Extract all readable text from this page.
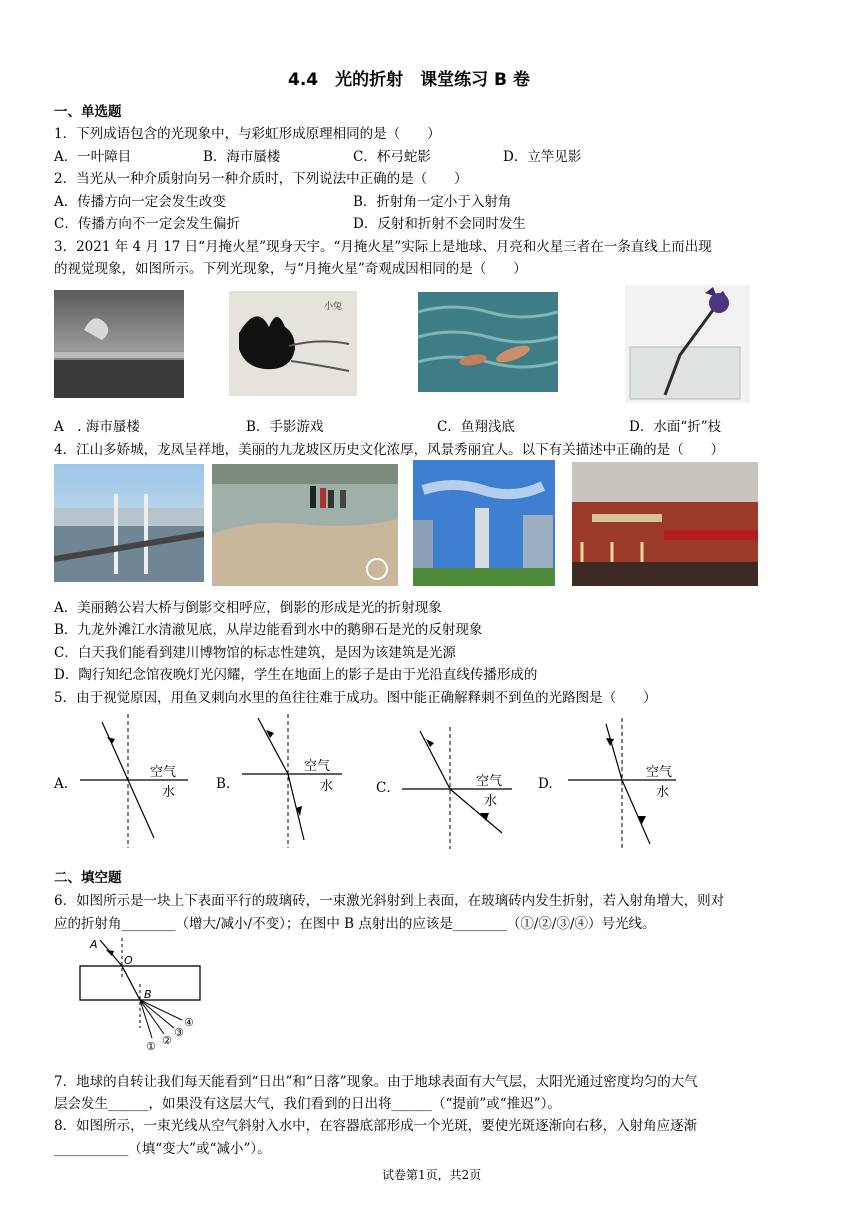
4.4　光的折射　课堂练习 B 卷
一、单选题
1．下列成语包含的光现象中，与彩虹形成原理相同的是（　　）
A．一叶障目	B．海市蜃楼	C．杯弓蛇影	D．立竿见影
2．当光从一种介质射向另一种介质时，下列说法中正确的是（　　）
A．传播方向一定会发生改变	B．折射角一定小于入射角
C．传播方向不一定会发生偏折	D．反射和折射不会同时发生
3．2021 年 4 月 17 日“月掩火星”现身天宇。“月掩火星”实际上是地球、月亮和火星三者在一条直线上而出现
的视觉现象，如图所示。下列光现象，与“月掩火星”奇观成因相同的是（　　）
小兔
A　. 海市蜃楼	B．手影游戏	C．鱼翔浅底	D．水面“折”枝
4．江山多娇城，龙凤呈祥地，美丽的九龙坡区历史文化浓厚，风景秀丽宜人。以下有关描述中正确的是（　　）
A．美丽鹅公岩大桥与倒影交相呼应，倒影的形成是光的折射现象
B．九龙外滩江水清澈见底，从岸边能看到水中的鹅卵石是光的反射现象
C．白天我们能看到建川博物馆的标志性建筑，是因为该建筑是光源
D．陶行知纪念馆夜晚灯光闪耀，学生在地面上的影子是由于光沿直线传播形成的
5．由于视觉原因，用鱼叉刺向水里的鱼往往难于成功。图中能正确解释刺不到鱼的光路图是（　　）
A.
空气
水
B.
空气
水	C．	空气
水
D.
空气
水
二、填空题
6．如图所示是一块上下表面平行的玻璃砖，一束激光斜射到上表面，在玻璃砖内发生折射，若入射角增大，则对
应的折射角________（增大/减小/不变）；在图中 B 点射出的应该是________（①/②/③/④）号光线。
A
O
B
① ②
③
④
7．地球的自转让我们每天能看到“日出”和“日落”现象。由于地球表面有大气层，太阳光通过密度均匀的大气
层会发生______，如果没有这层大气，我们看到的日出将______（“提前”或“推迟”）。
8．如图所示，一束光线从空气斜射入水中，在容器底部形成一个光斑，要使光斑逐渐向右移，入射角应逐渐
___________（填“变大”或“减小”）。
试卷第1页，共2页
